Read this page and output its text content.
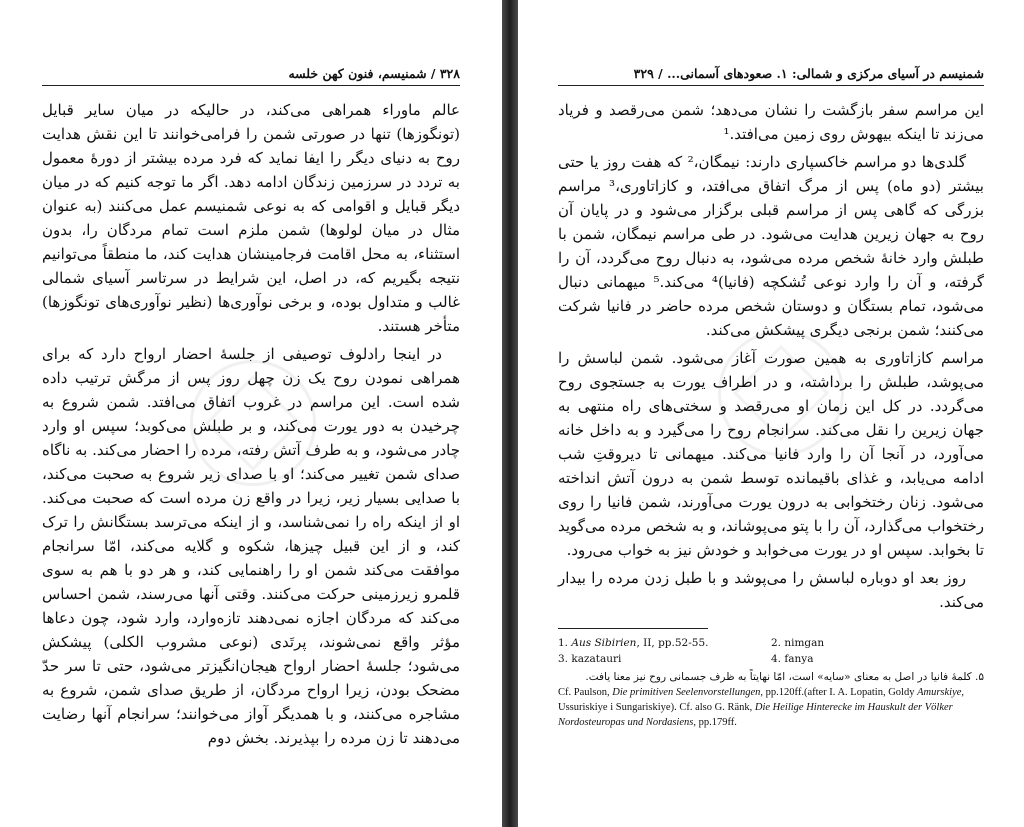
۳۲۸ / شمنیسم، فنون کهن خلسه

عالم ماوراء همراهی می‌کند، در حالیکه در میان سایر قبایل (تونگوزها) تنها در صورتی شمن را فرامی‌خوانند تا این نقش هدایت روح به دنیای دیگر را ایفا نماید که فرد مرده بیشتر از دورهٔ معمول به تردد در سرزمین زندگان ادامه دهد. اگر ما توجه کنیم که در میان دیگر قبایل و اقوامی که به نوعی شمنیسم عمل می‌کنند (به عنوان مثال در میان لولوها) شمن ملزم است تمام مردگان را، بدون استثناء، به محل اقامت فرجامینشان هدایت کند، ما منطقاً می‌توانیم نتیجه بگیریم که، در اصل، این شرایط در سرتاسر آسیای شمالی غالب و متداول بوده، و برخی نوآوری‌ها (نظیر نوآوری‌های تونگوزها) متأخر هستند.

در اینجا رادلوف توصیفی از جلسهٔ احضار ارواح دارد که برای همراهی نمودن روح یک زن چهل روز پس از مرگش ترتیب داده شده است. این مراسم در غروب اتفاق می‌افتد. شمن شروع به چرخیدن به دور یورت می‌کند، و بر طبلش می‌کوبد؛ سپس او وارد چادر می‌شود، و به طرف آتش رفته، مرده را احضار می‌کند. به ناگاه صدای شمن تغییر می‌کند؛ او با صدای زیر شروع به صحبت می‌کند، با صدایی بسیار زیر، زیرا در واقع زن مرده است که صحبت می‌کند. او از اینکه راه را نمی‌شناسد، و از اینکه می‌ترسد بستگانش را ترک کند، و از این قبیل چیزها، شکوه و گلایه می‌کند، امّا سرانجام موافقت می‌کند شمن او را راهنمایی کند، و هر دو با هم به سوی قلمرو زیرزمینی حرکت می‌کنند. وقتی آنها می‌رسند، شمن احساس می‌کند که مردگان اجازه نمی‌دهند تازه‌وارد، وارد شود، چون دعاها مؤثر واقع نمی‌شوند، پرتَدی (نوعی مشروب الکلی) پیشکش می‌شود؛ جلسهٔ احضار ارواح هیجان‌انگیزتر می‌شود، حتی تا سر حدّ مضحک بودن، زیرا ارواح مردگان، از طریق صدای شمن، شروع به مشاجره می‌کنند، و با همدیگر آواز می‌خوانند؛ سرانجام آنها رضایت می‌دهند تا زن مرده را بپذیرند. بخش دوم

شمنیسم در آسیای مرکزی و شمالی: ۱. صعودهای آسمانی... / ۳۲۹

این مراسم سفر بازگشت را نشان می‌دهد؛ شمن می‌رقصد و فریاد می‌زند تا اینکه بیهوش روی زمین می‌افتد.¹

گلدی‌ها دو مراسم خاکسپاری دارند: نیمگان،² که هفت روز یا حتی بیشتر (دو ماه) پس از مرگ اتفاق می‌افتد، و کازاتاوری،³ مراسم بزرگی که گاهی پس از مراسم قبلی برگزار می‌شود و در پایان آن روح به جهان زیرین هدایت می‌شود. در طی مراسم نیمگان، شمن با طبلش وارد خانهٔ شخص مرده می‌شود، به دنبال روح می‌گردد، آن را گرفته، و آن را وارد نوعی تُشکچه (فانیا)⁴ می‌کند.⁵ میهمانی دنبال می‌شود، تمام بستگان و دوستان شخص مرده حاضر در فانیا شرکت می‌کنند؛ شمن برنجی دیگری پیشکش می‌کند.

مراسم کازاتاوری به همین صورت آغاز می‌شود. شمن لباسش را می‌پوشد، طبلش را برداشته، و در اطراف یورت به جستجوی روح می‌گردد. در کل این زمان او می‌رقصد و سختی‌های راه منتهی به جهان زیرین را نقل می‌کند. سرانجام روح را می‌گیرد و به داخل خانه می‌آورد، در آنجا آن را وارد فانیا می‌کند. میهمانی تا دیروقتِ شب ادامه می‌یابد، و غذای باقیمانده توسط شمن به درون آتش انداخته می‌شود. زنان رختخوابی به درون یورت می‌آورند، شمن فانیا را روی رختخواب می‌گذارد، آن را با پتو می‌پوشاند، و به شخص مرده می‌گوید تا بخوابد. سپس او در یورت می‌خوابد و خودش نیز به خواب می‌رود.

روز بعد او دوباره لباسش را می‌پوشد و با طبل زدن مرده را بیدار می‌کند.

1. Aus Sibirien, II, pp.52-55.	2. nimgan
3. kazatauri	4. fanya
۵. کلمهٔ فانیا در اصل به معنای «سایه» است، امّا نهایتاً به ظرف جسمانی روح نیز معنا یافت.
Cf. Paulson, Die primitiven Seelenvorstellungen, pp.120ff.(after I. A. Lopatin, Goldy Amurskiye, Ussuriskiye i Sungariskiye). Cf. also G. Ränk, Die Heilige Hinterecke im Hauskult der Völker Nordosteuropas und Nordasiens, pp.179ff.
